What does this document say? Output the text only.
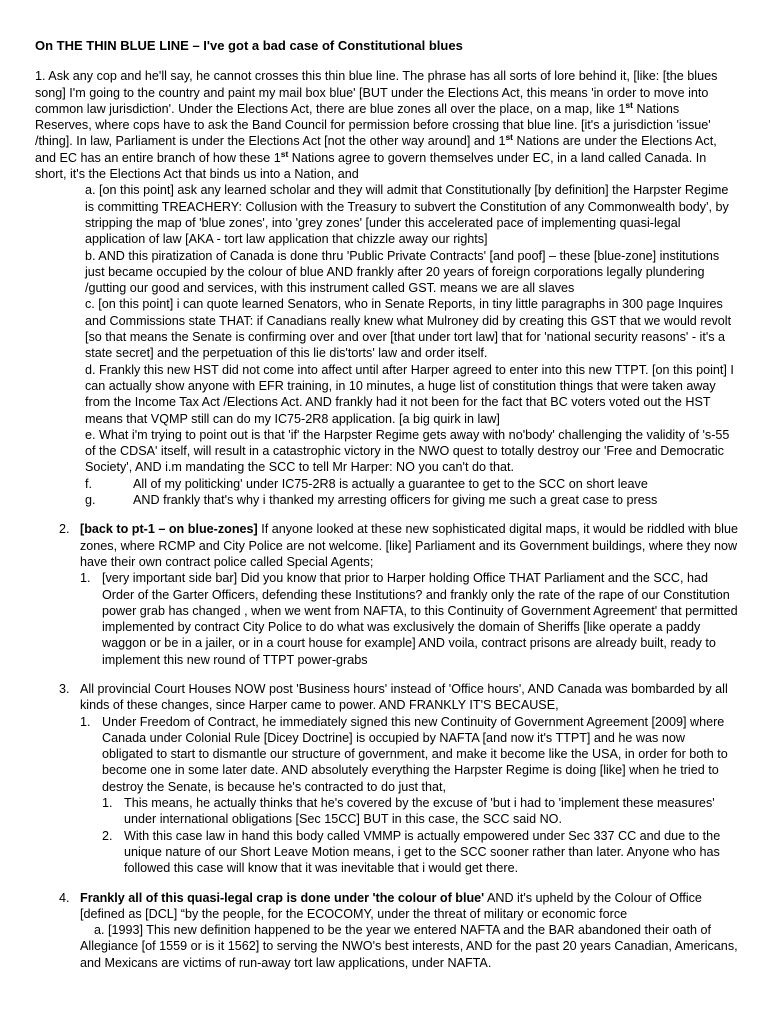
On THE THIN BLUE LINE – I've got a bad case of Constitutional blues
1. Ask any cop and he'll say, he cannot crosses this thin blue line. The phrase has all sorts of lore behind it, [like: [the blues song] I'm going to the country and paint my mail box blue' [BUT under the Elections Act, this means 'in order to move into common law jurisdiction'. Under the Elections Act, there are blue zones all over the place, on a map, like 1st Nations Reserves, where cops have to ask the Band Council for permission before crossing that blue line. [it's a jurisdiction 'issue' /thing]. In law, Parliament is under the Elections Act [not the other way around] and 1st Nations are under the Elections Act, and EC has an entire branch of how these 1st Nations agree to govern themselves under EC, in a land called Canada. In short, it's the Elections Act that binds us into a Nation, and
a. [on this point] ask any learned scholar and they will admit that Constitutionally [by definition] the Harpster Regime is committing TREACHERY: Collusion with the Treasury to subvert the Constitution of any Commonwealth body', by stripping the map of 'blue zones', into 'grey zones' [under this accelerated pace of implementing quasi-legal application of law [AKA - tort law application that chizzle away our rights]
b. AND this piratization of Canada is done thru 'Public Private Contracts' [and poof] – these [blue-zone] institutions just became occupied by the colour of blue AND frankly after 20 years of foreign corporations legally plundering /gutting our good and services, with this instrument called GST. means we are all slaves
c. [on this point] i can quote learned Senators, who in Senate Reports, in tiny little paragraphs in 300 page Inquires and Commissions state THAT: if Canadians really knew what Mulroney did by creating this GST that we would revolt [so that means the Senate is confirming over and over [that under tort law] that for 'national security reasons' - it's a state secret] and the perpetuation of this lie dis'torts' law and order itself.
d. Frankly this new HST did not come into affect until after Harper agreed to enter into this new TTPT. [on this point] I can actually show anyone with EFR training, in 10 minutes, a huge list of constitution things that were taken away from the Income Tax Act /Elections Act. AND frankly had it not been for the fact that BC voters voted out the HST means that VQMP still can do my IC75-2R8 application. [a big quirk in law]
e. What i'm trying to point out is that 'if' the Harpster Regime gets away with no'body' challenging the validity of 's-55 of the CDSA' itself, will result in a catastrophic victory in the NWO quest to totally destroy our 'Free and Democratic Society', AND i.m mandating the SCC to tell Mr Harper: NO you can't do that.
f.	All of my politicking' under IC75-2R8 is actually a guarantee to get to the SCC on short leave
g.	AND frankly that's why i thanked my arresting officers for giving me such a great case to press
2. [back to pt-1 – on blue-zones] If anyone looked at these new sophisticated digital maps, it would be riddled with blue zones, where RCMP and City Police are not welcome. [like] Parliament and its Government buildings, where they now have their own contract police called Special Agents;
1. [very important side bar] Did you know that prior to Harper holding Office THAT Parliament and the SCC, had Order of the Garter Officers, defending these Institutions? and frankly only the rate of the rape of our Constitution power grab has changed , when we went from NAFTA, to this Continuity of Government Agreement' that permitted implemented by contract City Police to do what was exclusively the domain of Sheriffs [like operate a paddy waggon or be in a jailer, or in a court house for example] AND voila, contract prisons are already built, ready to implement this new round of TTPT power-grabs
3. All provincial Court Houses NOW post 'Business hours' instead of 'Office hours', AND Canada was bombarded by all kinds of these changes, since Harper came to power. AND FRANKLY IT'S BECAUSE,
1. Under Freedom of Contract, he immediately signed this new Continuity of Government Agreement [2009] where Canada under Colonial Rule [Dicey Doctrine] is occupied by NAFTA [and now it's TTPT] and he was now obligated to start to dismantle our structure of government, and make it become like the USA, in order for both to become one in some later date. AND absolutely everything the Harpster Regime is doing [like] when he tried to destroy the Senate, is because he's contracted to do just that,
1. This means, he actually thinks that he's covered by the excuse of 'but i had to 'implement these measures' under international obligations [Sec 15CC] BUT in this case, the SCC said NO.
2. With this case law in hand this body called VMMP is actually empowered under Sec 337 CC and due to the unique nature of our Short Leave Motion means, i get to the SCC sooner rather than later. Anyone who has followed this case will know that it was inevitable that i would get there.
4. Frankly all of this quasi-legal crap is done under 'the colour of blue' AND it's upheld by the Colour of Office [defined as [DCL] “by the people, for the ECOCOMY, under the threat of military or economic force
a. [1993] This new definition happened to be the year we entered NAFTA and the BAR abandoned their oath of Allegiance [of 1559 or is it 1562] to serving the NWO's best interests, AND for the past 20 years Canadian, Americans, and Mexicans are victims of run-away tort law applications, under NAFTA.
